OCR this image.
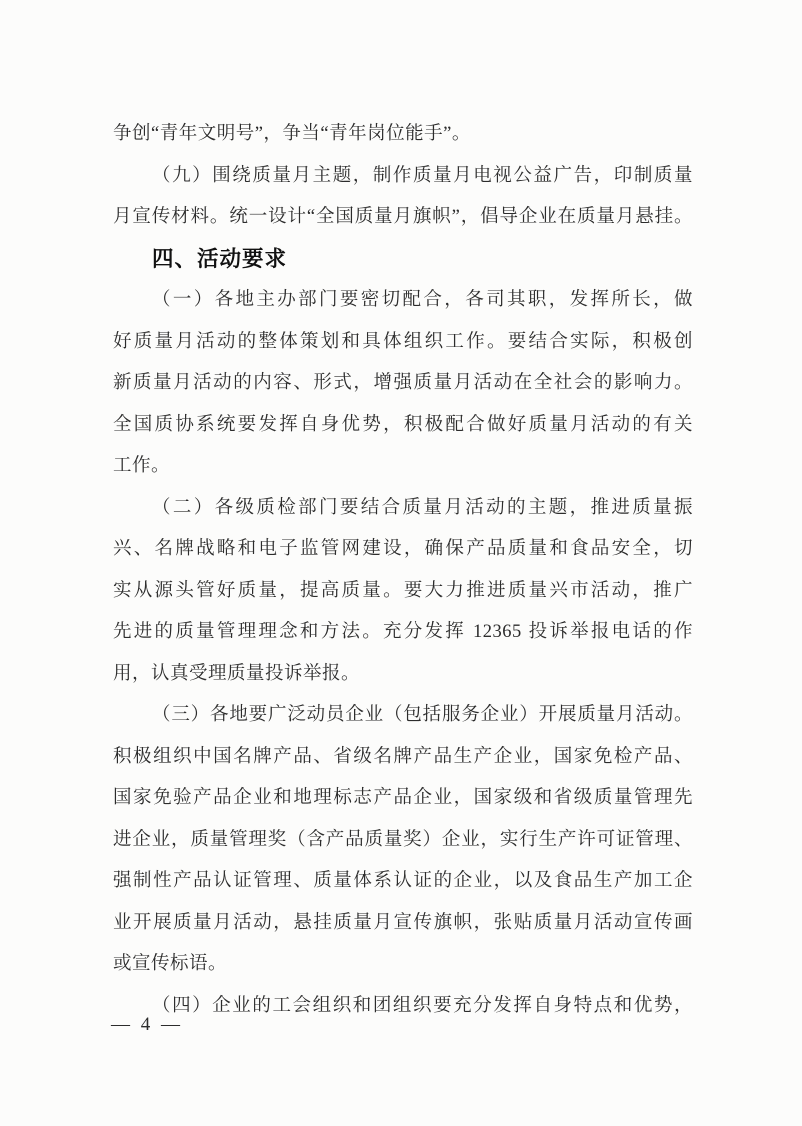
争创“青年文明号”，争当“青年岗位能手”。
（九）围绕质量月主题，制作质量月电视公益广告，印制质量
月宣传材料。统一设计“全国质量月旗帜”，倡导企业在质量月悬挂。
四、活动要求
（一）各地主办部门要密切配合，各司其职，发挥所长，做
好质量月活动的整体策划和具体组织工作。要结合实际，积极创
新质量月活动的内容、形式，增强质量月活动在全社会的影响力。
全国质协系统要发挥自身优势，积极配合做好质量月活动的有关
工作。
（二）各级质检部门要结合质量月活动的主题，推进质量振
兴、名牌战略和电子监管网建设，确保产品质量和食品安全，切
实从源头管好质量，提高质量。要大力推进质量兴市活动，推广
先进的质量管理理念和方法。充分发挥 12365 投诉举报电话的作
用，认真受理质量投诉举报。
（三）各地要广泛动员企业（包括服务企业）开展质量月活动。
积极组织中国名牌产品、省级名牌产品生产企业，国家免检产品、
国家免验产品企业和地理标志产品企业，国家级和省级质量管理先
进企业，质量管理奖（含产品质量奖）企业，实行生产许可证管理、
强制性产品认证管理、质量体系认证的企业，以及食品生产加工企
业开展质量月活动，悬挂质量月宣传旗帜，张贴质量月活动宣传画
或宣传标语。
（四）企业的工会组织和团组织要充分发挥自身特点和优势，
— 4 —
